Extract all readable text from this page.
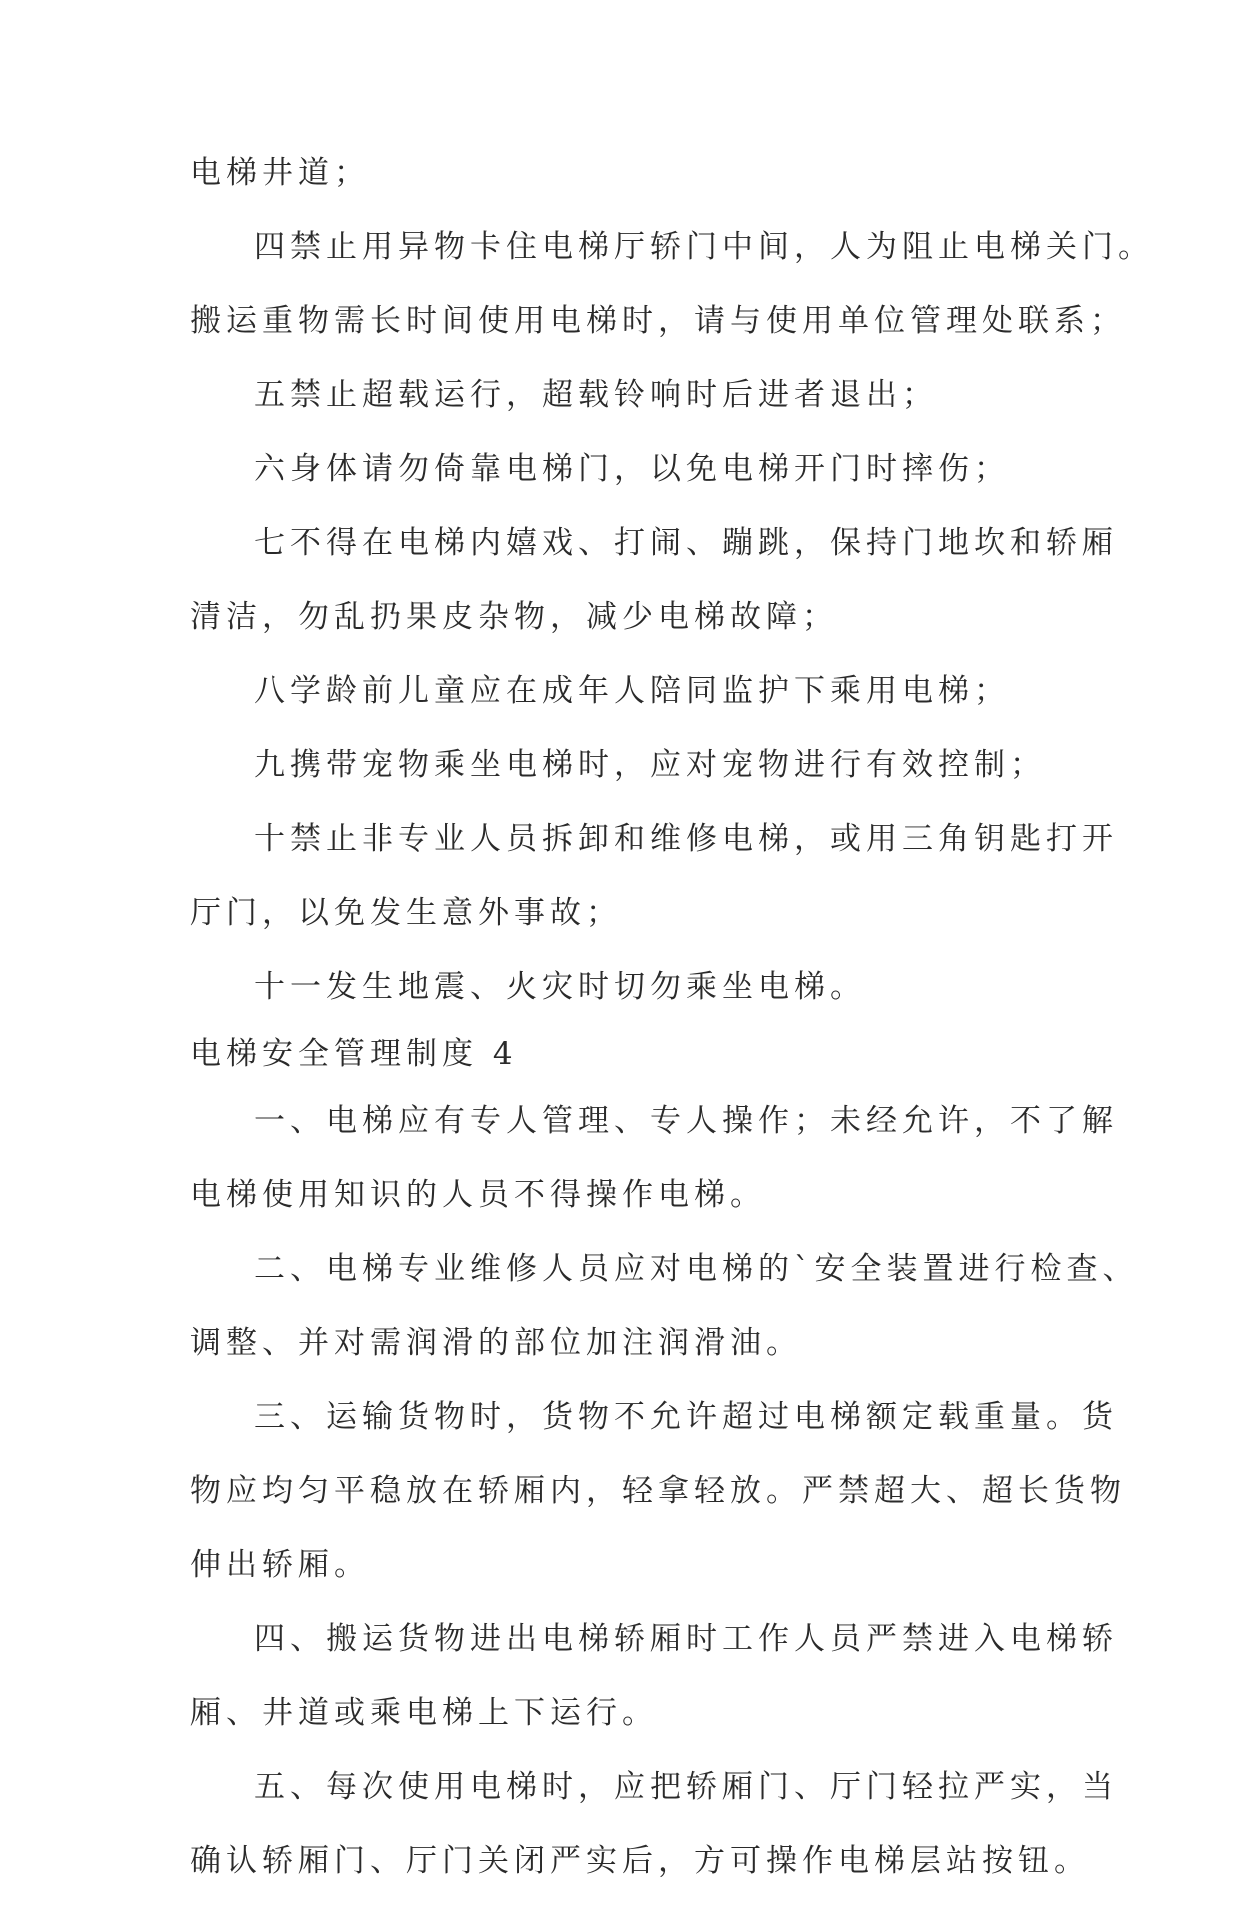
电梯井道；

四禁止用异物卡住电梯厅轿门中间，人为阻止电梯关门。

搬运重物需长时间使用电梯时，请与使用单位管理处联系；

五禁止超载运行，超载铃响时后进者退出；

六身体请勿倚靠电梯门，以免电梯开门时摔伤；

七不得在电梯内嬉戏、打闹、蹦跳，保持门地坎和轿厢

清洁，勿乱扔果皮杂物，减少电梯故障；

八学龄前儿童应在成年人陪同监护下乘用电梯；

九携带宠物乘坐电梯时，应对宠物进行有效控制；

十禁止非专业人员拆卸和维修电梯，或用三角钥匙打开

厅门，以免发生意外事故；

十一发生地震、火灾时切勿乘坐电梯。

电梯安全管理制度 4

一、电梯应有专人管理、专人操作；未经允许，不了解

电梯使用知识的人员不得操作电梯。

二、电梯专业维修人员应对电梯的`安全装置进行检查、

调整、并对需润滑的部位加注润滑油。

三、运输货物时，货物不允许超过电梯额定载重量。货

物应均匀平稳放在轿厢内，轻拿轻放。严禁超大、超长货物

伸出轿厢。

四、搬运货物进出电梯轿厢时工作人员严禁进入电梯轿

厢、井道或乘电梯上下运行。

五、每次使用电梯时，应把轿厢门、厅门轻拉严实，当

确认轿厢门、厅门关闭严实后，方可操作电梯层站按钮。
